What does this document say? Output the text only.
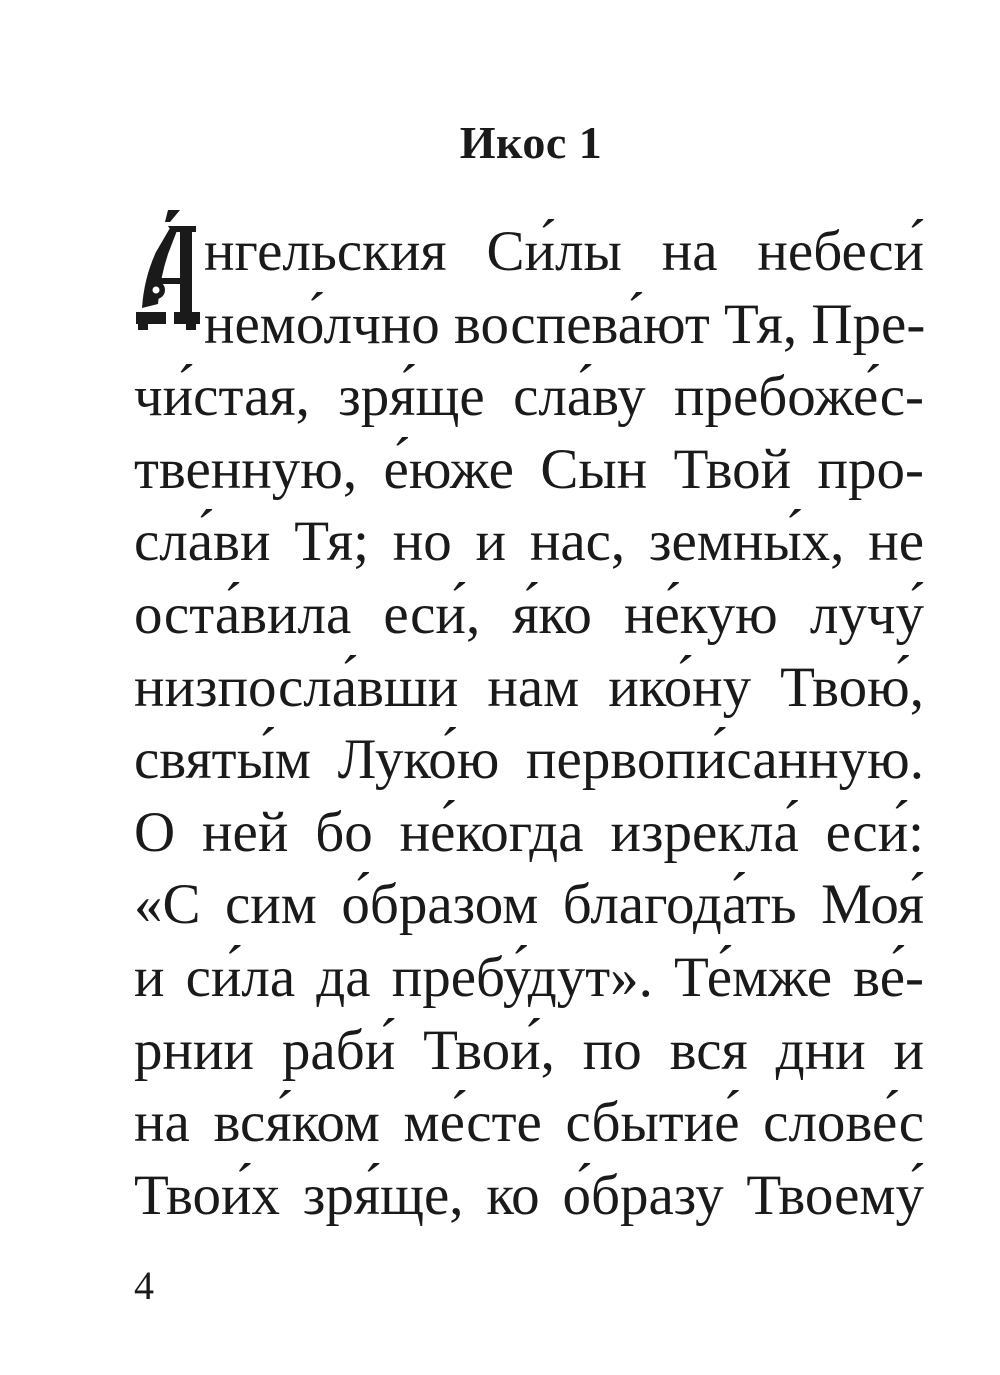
Икос 1
нгельския Си́лы на небеси́
немо́лчно воспева́ют Тя, Пре-
чи́стая, зря́ще сла́ву пребоже́с-
твенную, е́юже Сын Твой про-
сла́ви Тя; но и нас, земны́х, не
оста́вила еси́, я́ко не́кую лучу́
низпосла́вши нам ико́ну Твою́,
святы́м Луко́ю первопи́санную.
О ней бо не́когда изрекла́ еси́:
«С сим о́бразом благода́ть Моя́
и си́ла да пребу́дут». Те́мже ве́-
рнии раби́ Твои́, по вся дни и
на вся́ком ме́сте сбытие́ слове́с
Твои́х зря́ще, ко о́бразу Твоему́
4
